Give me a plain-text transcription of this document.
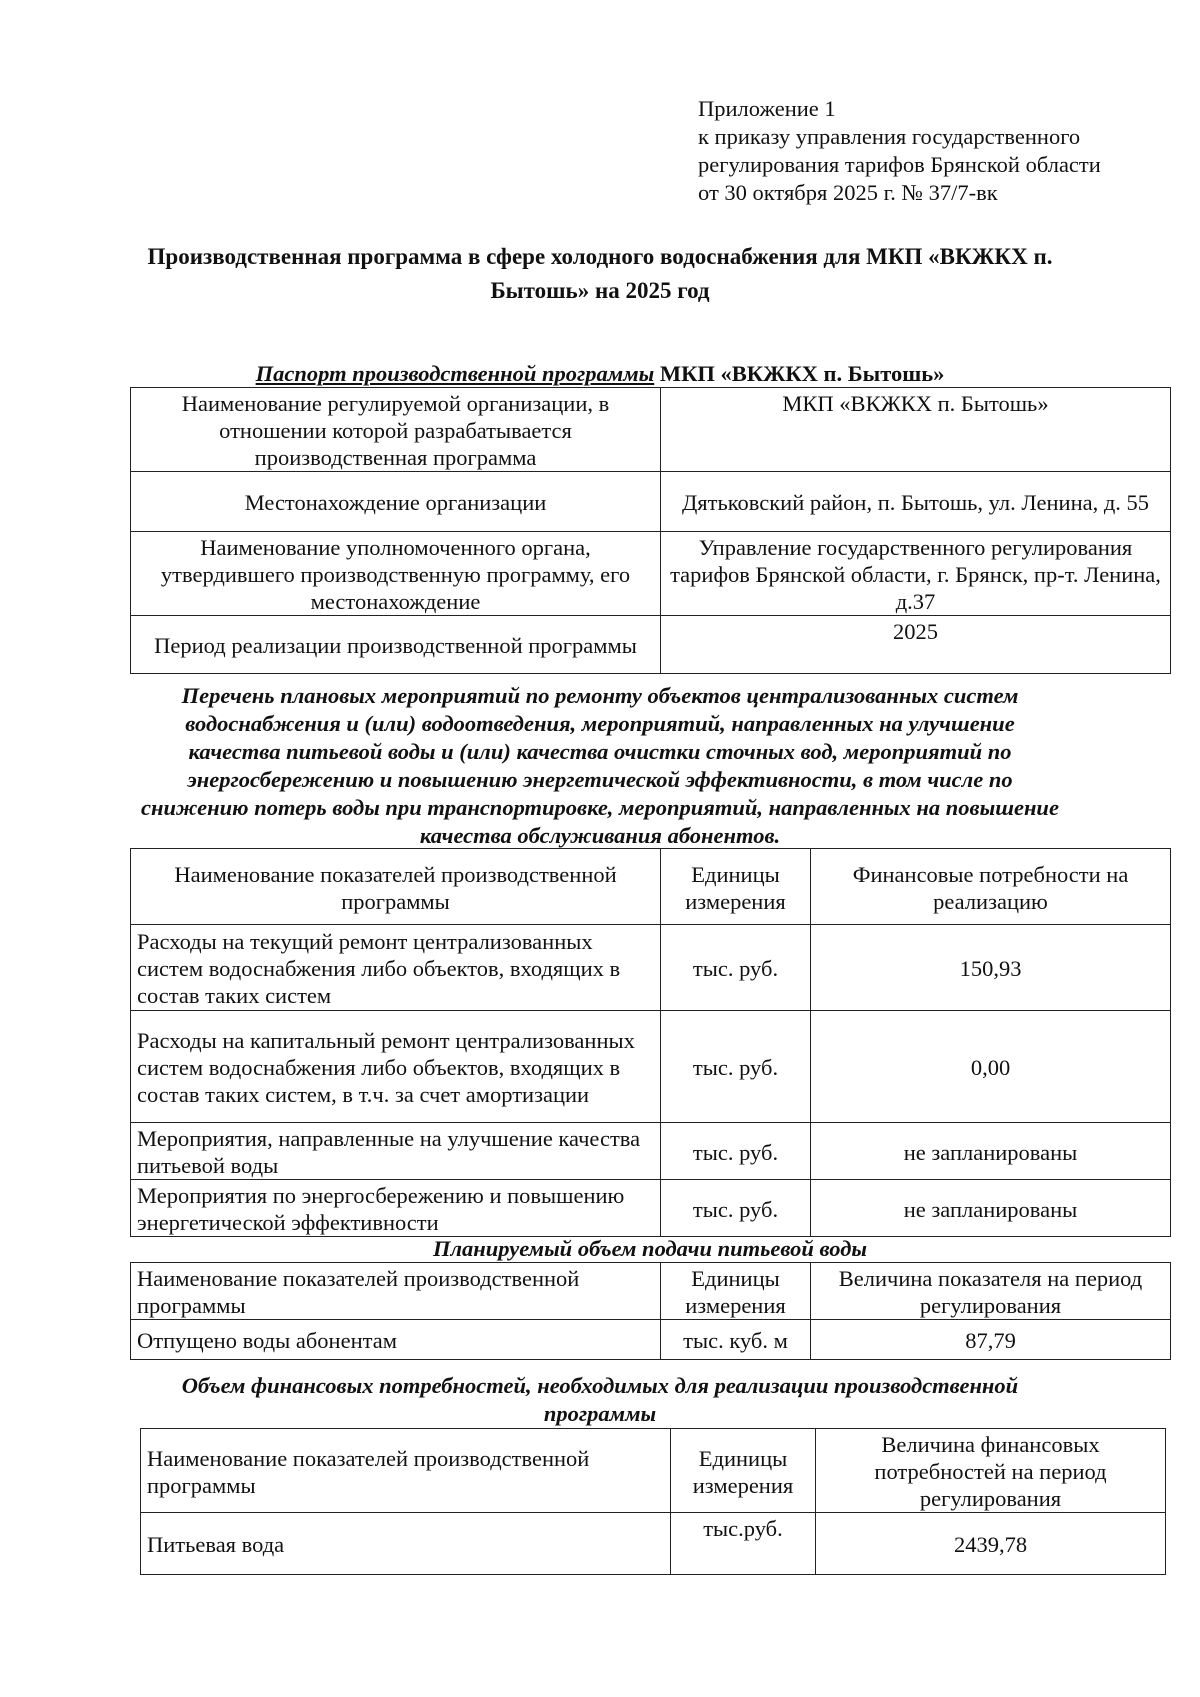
Приложение 1
к приказу управления государственного
регулирования тарифов Брянской области
от 30 октября 2025 г. № 37/7-вк
Производственная программа в сфере холодного водоснабжения для МКП «ВКЖКХ п.
Бытошь» на 2025 год
Паспорт производственной программы МКП «ВКЖКХ п. Бытошь»
Наименование регулируемой организации, в отношении которой разрабатывается производственная программа	МКП «ВКЖКХ п. Бытошь»
Местонахождение организации	Дятьковский район, п. Бытошь, ул. Ленина, д. 55
Наименование уполномоченного органа, утвердившего производственную программу, его местонахождение	Управление государственного регулирования тарифов Брянской области, г. Брянск, пр-т. Ленина, д.37
Период реализации производственной программы	2025
Перечень плановых мероприятий по ремонту объектов централизованных систем водоснабжения и (или) водоотведения, мероприятий, направленных на улучшение качества питьевой воды и (или) качества очистки сточных вод, мероприятий по энергосбережению и повышению энергетической эффективности, в том числе по снижению потерь воды при транспортировке, мероприятий, направленных на повышение качества обслуживания абонентов.
Наименование показателей производственной программы	Единицы измерения	Финансовые потребности на реализацию
Расходы на текущий ремонт централизованных систем водоснабжения либо объектов, входящих в состав таких систем	тыс. руб.	150,93
Расходы на капитальный ремонт централизованных систем водоснабжения либо объектов, входящих в состав таких систем, в т.ч. за счет амортизации	тыс. руб.	0,00
Мероприятия, направленные на улучшение качества питьевой воды	тыс. руб.	не запланированы
Мероприятия по энергосбережению и повышению энергетической эффективности	тыс. руб.	не запланированы
Планируемый объем подачи питьевой воды
Наименование показателей производственной программы	Единицы измерения	Величина показателя на период регулирования
Отпущено воды абонентам	тыс. куб. м	87,79
Объем финансовых потребностей, необходимых для реализации производственной программы
Наименование показателей производственной программы	Единицы измерения	Величина финансовых потребностей на период регулирования
Питьевая вода	тыс.руб.	2439,78
